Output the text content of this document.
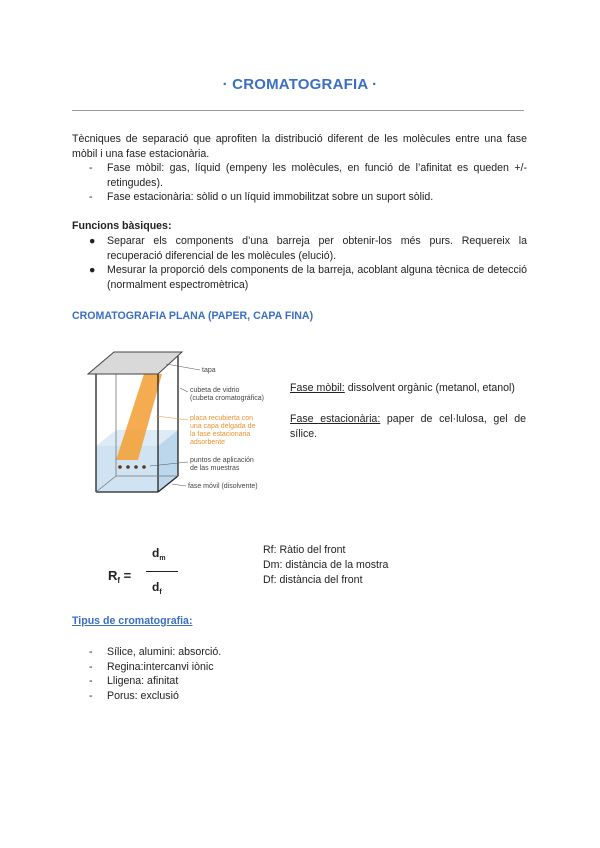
· CROMATOGRAFIA ·
Tècniques de separació que aprofiten la distribució diferent de les molècules entre una fase mòbil i una fase estacionària.
- Fase mòbil: gas, líquid (empeny les molècules, en funció de l’afinitat es queden +/- retingudes).
- Fase estacionària: sòlid o un líquid immobilitzat sobre un suport sòlid.
Funcions bàsiques:
● Separar els components d’una barreja per obtenir-los més purs. Requereix la recuperació diferencial de les molècules (elució).
● Mesurar la proporció dels components de la barreja, acoblant alguna tècnica de detecció (normalment espectromètrica)
CROMATOGRAFIA PLANA (PAPER, CAPA FINA)
tapa
cubeta de vidrio
(cubeta cromatográfica)
placa recubierta con
una capa delgada de
la fase estacionaria
adsorbente
puntos de aplicación
de las muestras
fase móvil (disolvente)
Fase mòbil: dissolvent orgànic (metanol, etanol)
Fase estacionària: paper de cel·lulosa, gel de sílice.
$R_f$ =
$d_m$
$d_f$
Rf: Ràtio del front
Dm: distància de la mostra
Df: distància del front
Tipus de cromatografia:
- Sílice, alumini: absorció.
- Regina:intercanvi iònic
- Lligena: afinitat
- Porus: exclusió
